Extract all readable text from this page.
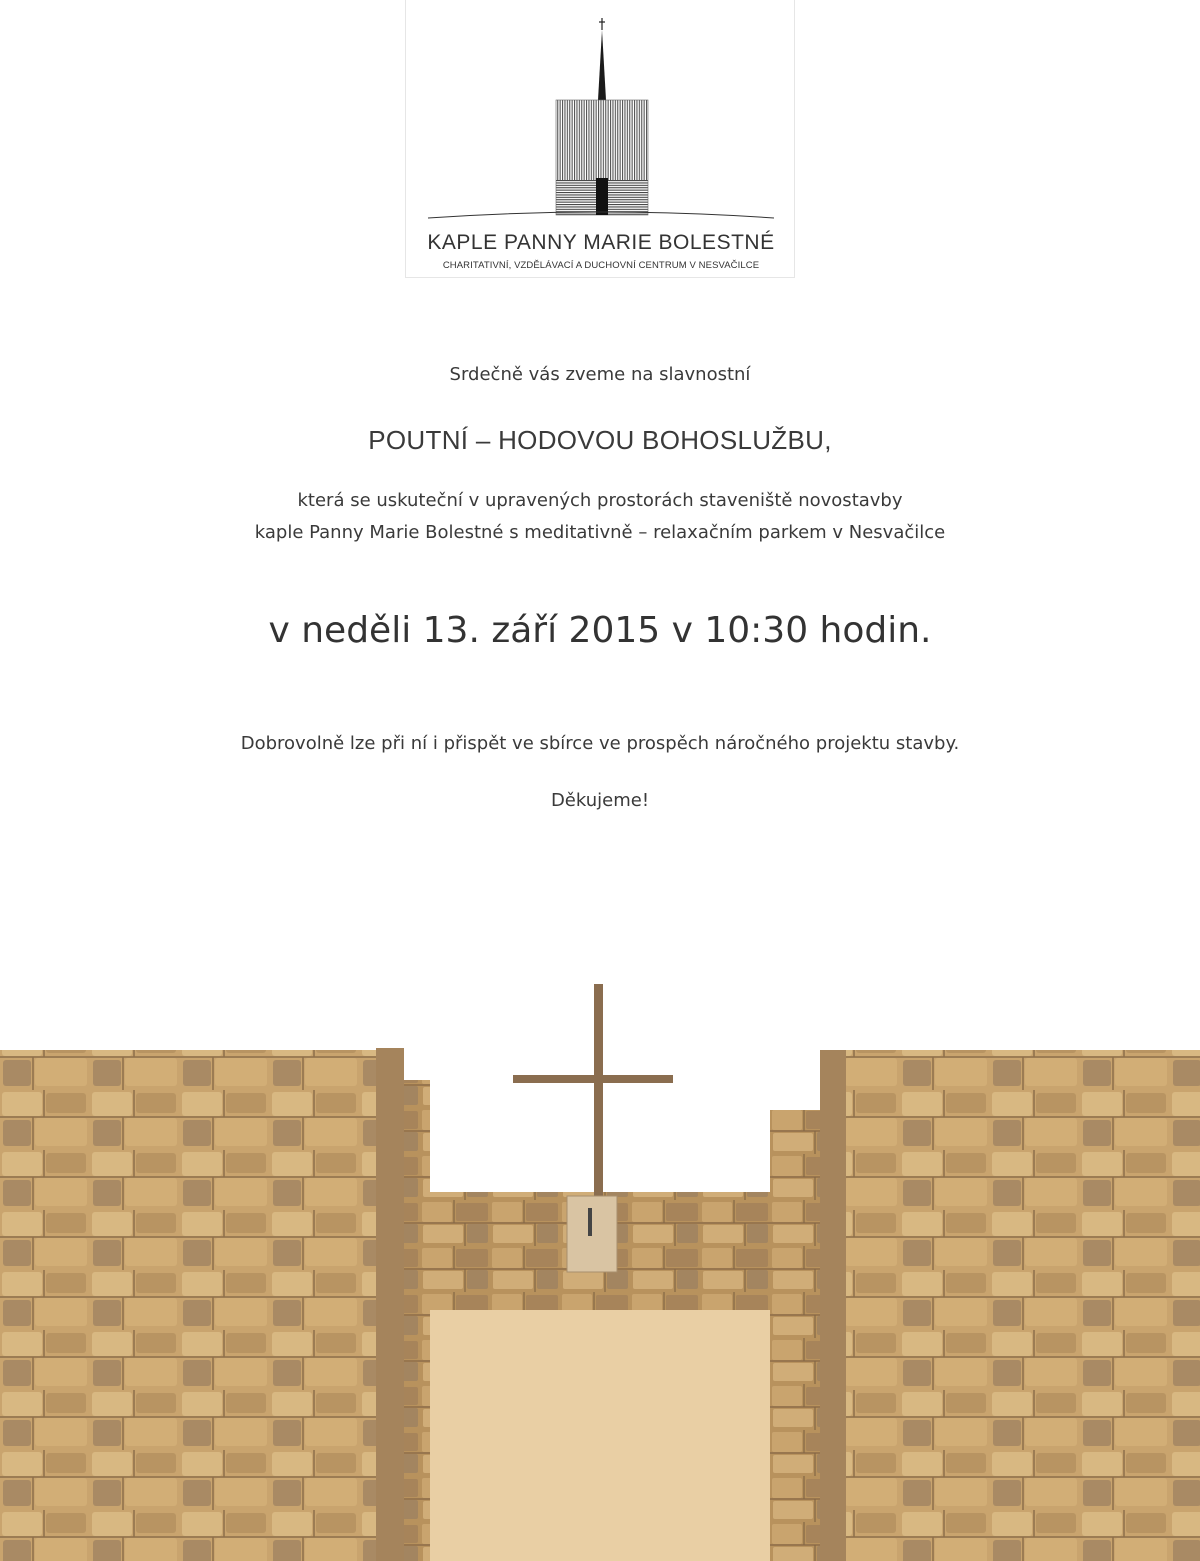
KAPLE PANNY MARIE BOLESTNÉ
CHARITATIVNÍ, VZDĚLÁVACÍ A DUCHOVNÍ CENTRUM V NESVAČILCE
Srdečně vás zveme na slavnostní
POUTNÍ – HODOVOU BOHOSLUŽBU,
která se uskuteční v upravených prostorách staveniště novostavby
kaple Panny Marie Bolestné s meditativně – relaxačním parkem v Nesvačilce
v neděli 13. září 2015 v 10:30 hodin.
Dobrovolně lze při ní i přispět ve sbírce ve prospěch náročného projektu stavby.
Děkujeme!
